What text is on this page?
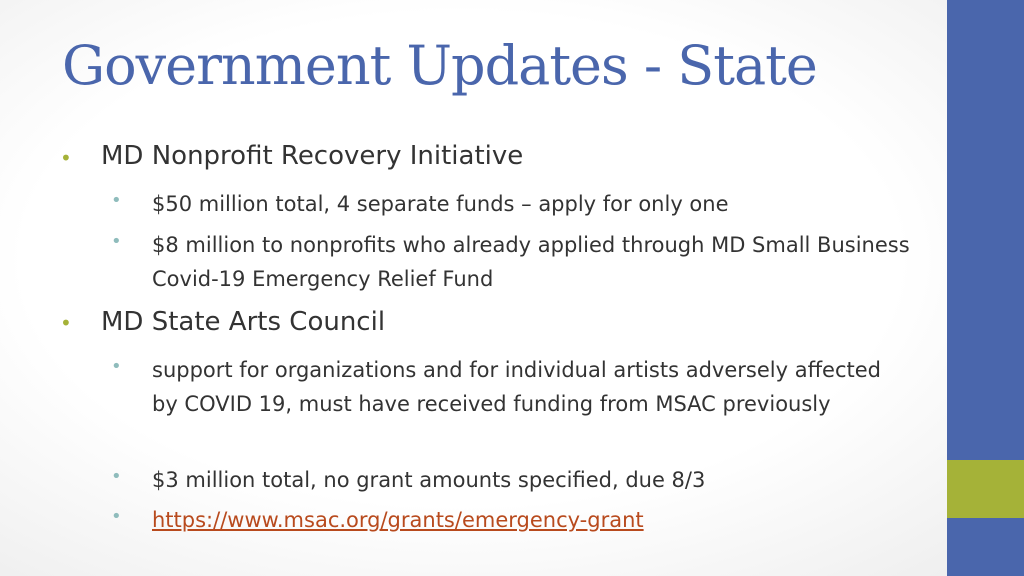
Government Updates - State
• MD Nonprofit Recovery Initiative

• $50 million total, 4 separate funds – apply for only one

• $8 million to nonprofits who already applied through MD Small Business Covid-19 Emergency Relief Fund

• MD State Arts Council

• support for organizations and for individual artists adversely affected by COVID 19, must have received funding from MSAC previously

• $3 million total, no grant amounts specified, due 8/3

• https://www.msac.org/grants/emergency-grant
